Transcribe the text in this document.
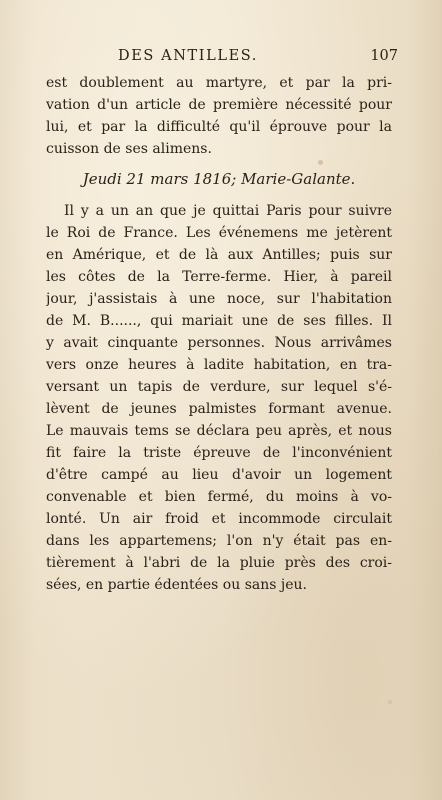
DES ANTILLES.	107
est doublement au martyre, et par la pri-
vation d'un article de première nécessité pour
lui, et par la difficulté qu'il éprouve pour la
cuisson de ses alimens.
Jeudi 21 mars 1816; Marie-Galante.
Il y a un an que je quittai Paris pour suivre
le Roi de France. Les événemens me jetèrent
en Amérique, et de là aux Antilles; puis sur
les côtes de la Terre-ferme. Hier, à pareil
jour, j'assistais à une noce, sur l'habitation
de M. B......, qui mariait une de ses filles. Il
y avait cinquante personnes. Nous arrivâmes
vers onze heures à ladite habitation, en tra-
versant un tapis de verdure, sur lequel s'é-
lèvent de jeunes palmistes formant avenue.
Le mauvais tems se déclara peu après, et nous
fit faire la triste épreuve de l'inconvénient
d'être campé au lieu d'avoir un logement
convenable et bien fermé, du moins à vo-
lonté. Un air froid et incommode circulait
dans les appartemens; l'on n'y était pas en-
tièrement à l'abri de la pluie près des croi-
sées, en partie édentées ou sans jeu.
